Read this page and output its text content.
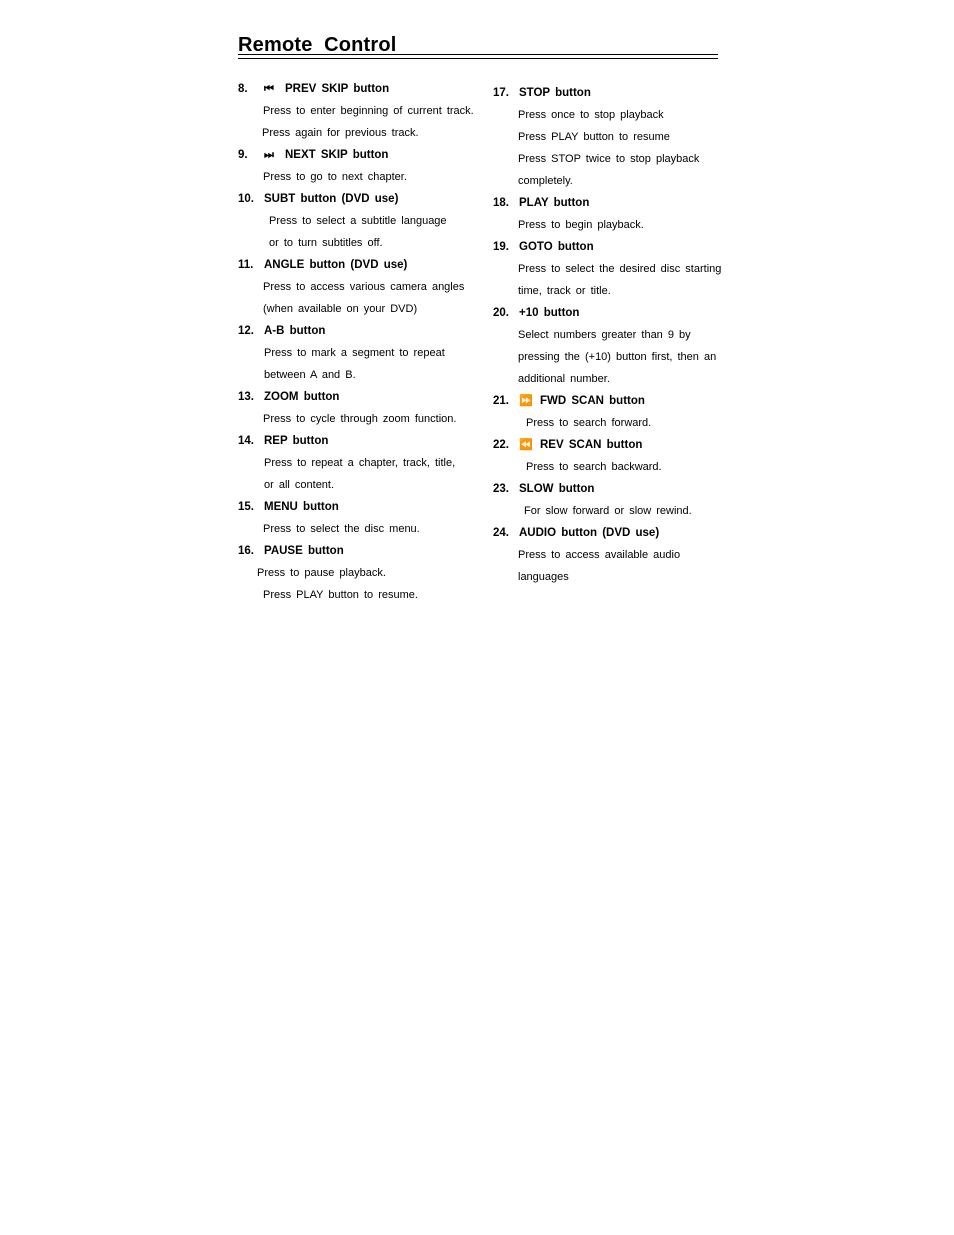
Remote  Control
8. ⏮ PREV SKIP button
Press to enter beginning of current track.
Press again for previous track.
9. ⏭ NEXT SKIP button
Press to go to next chapter.
10. SUBT button (DVD use)
Press to select a subtitle language
or to turn subtitles off.
11. ANGLE button (DVD use)
Press to access various camera angles
(when available on your DVD)
12. A-B button
Press to mark a segment to repeat
between A and B.
13. ZOOM button
Press to cycle through zoom function.
14. REP button
Press to repeat a chapter, track, title,
or all content.
15. MENU button
Press to select the disc menu.
16. PAUSE button
Press to pause playback.
Press PLAY button to resume.
17. STOP button
Press once to stop playback
Press PLAY button to resume
Press STOP twice to stop playback
completely.
18. PLAY button
Press to begin playback.
19. GOTO button
Press to select the desired disc starting
time, track or title.
20. +10 button
Select numbers greater than 9 by
pressing the (+10) button first, then an
additional number.
21. ⏩ FWD SCAN button
Press to search forward.
22. ⏪ REV SCAN button
Press to search backward.
23. SLOW button
For slow forward or slow rewind.
24. AUDIO button (DVD use)
Press to access available audio
languages
